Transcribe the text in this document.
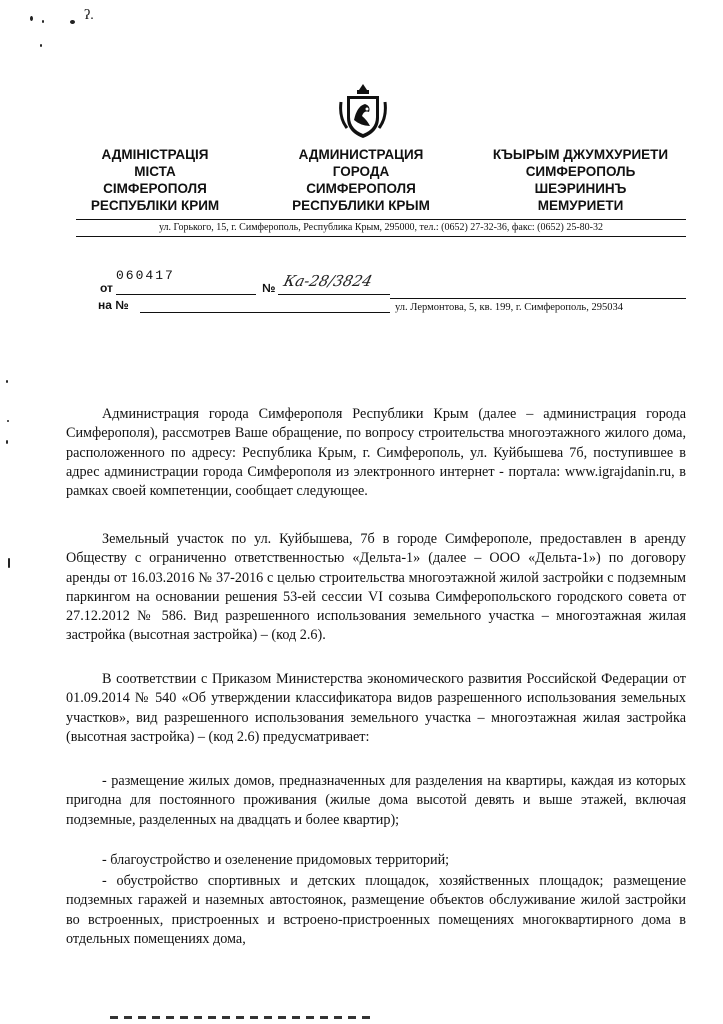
ʔ.
АДМІНІСТРАЦІЯ
МІСТА
СІМФЕРОПОЛЯ
РЕСПУБЛІКИ КРИМ
АДМИНИСТРАЦИЯ
ГОРОДА
СИМФЕРОПОЛЯ
РЕСПУБЛИКИ КРЫМ
КЪЫРЫМ ДЖУМХУРИЕТИ
СИМФЕРОПОЛЬ
ШЕЭРИНИНЪ
МЕМУРИЕТИ
ул. Горького, 15, г. Симферополь, Республика Крым, 295000, тел.: (0652) 27-32-36, факс: (0652) 25-80-32
от
060417
№ Ка-28/3824
на №	ул. Лермонтова, 5, кв. 199, г. Симферополь, 295034

Администрация города Симферополя Республики Крым (далее – администрация города Симферополя), рассмотрев Ваше обращение, по вопросу строительства многоэтажного жилого дома, расположенного по адресу: Республика Крым, г. Симферополь, ул. Куйбышева 7б, поступившее в адрес администрации города Симферополя из электронного интернет - портала: www.igrajdanin.ru, в рамках своей компетенции, сообщает следующее.

Земельный участок по ул. Куйбышева, 7б в городе Симферополе, предоставлен в аренду Обществу с ограниченно ответственностью «Дельта-1» (далее – ООО «Дельта-1») по договору аренды от 16.03.2016 № 37-2016 с целью строительства многоэтажной жилой застройки с подземным паркингом на основании решения 53-ей сессии VI созыва Симферопольского городского совета от 27.12.2012 № 586. Вид разрешенного использования земельного участка – многоэтажная жилая застройка (высотная застройка) – (код 2.6).

В соответствии с Приказом Министерства экономического развития Российской Федерации от 01.09.2014 № 540 «Об утверждении классификатора видов разрешенного использования земельных участков», вид разрешенного использования земельного участка – многоэтажная жилая застройка (высотная застройка) – (код 2.6) предусматривает:

- размещение жилых домов, предназначенных для разделения на квартиры, каждая из которых пригодна для постоянного проживания (жилые дома высотой девять и выше этажей, включая подземные, разделенных на двадцать и более квартир);

- благоустройство и озеленение придомовых территорий;

- обустройство спортивных и детских площадок, хозяйственных площадок; размещение подземных гаражей и наземных автостоянок, размещение объектов обслуживание жилой застройки во встроенных, пристроенных и встроено-пристроенных помещениях многоквартирного дома в отдельных помещениях дома,
